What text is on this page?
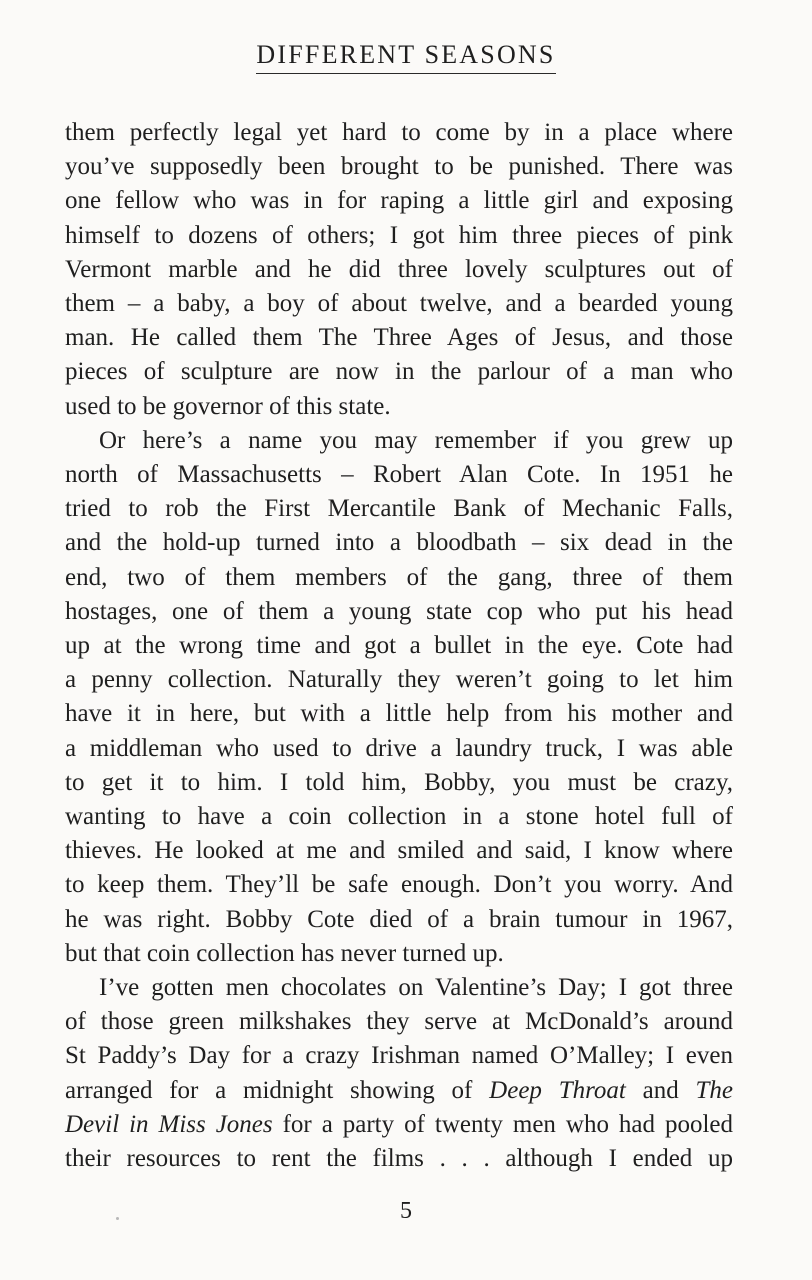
DIFFERENT SEASONS

them perfectly legal yet hard to come by in a place where
you’ve supposedly been brought to be punished. There was
one fellow who was in for raping a little girl and exposing
himself to dozens of others; I got him three pieces of pink
Vermont marble and he did three lovely sculptures out of
them – a baby, a boy of about twelve, and a bearded young
man. He called them The Three Ages of Jesus, and those
pieces of sculpture are now in the parlour of a man who
used to be governor of this state.

Or here’s a name you may remember if you grew up
north of Massachusetts – Robert Alan Cote. In 1951 he
tried to rob the First Mercantile Bank of Mechanic Falls,
and the hold-up turned into a bloodbath – six dead in the
end, two of them members of the gang, three of them
hostages, one of them a young state cop who put his head
up at the wrong time and got a bullet in the eye. Cote had
a penny collection. Naturally they weren’t going to let him
have it in here, but with a little help from his mother and
a middleman who used to drive a laundry truck, I was able
to get it to him. I told him, Bobby, you must be crazy,
wanting to have a coin collection in a stone hotel full of
thieves. He looked at me and smiled and said, I know where
to keep them. They’ll be safe enough. Don’t you worry. And
he was right. Bobby Cote died of a brain tumour in 1967,
but that coin collection has never turned up.

I’ve gotten men chocolates on Valentine’s Day; I got three
of those green milkshakes they serve at McDonald’s around
St Paddy’s Day for a crazy Irishman named O’Malley; I even
arranged for a midnight showing of Deep Throat and The
Devil in Miss Jones for a party of twenty men who had pooled
their resources to rent the films . . . although I ended up

5
